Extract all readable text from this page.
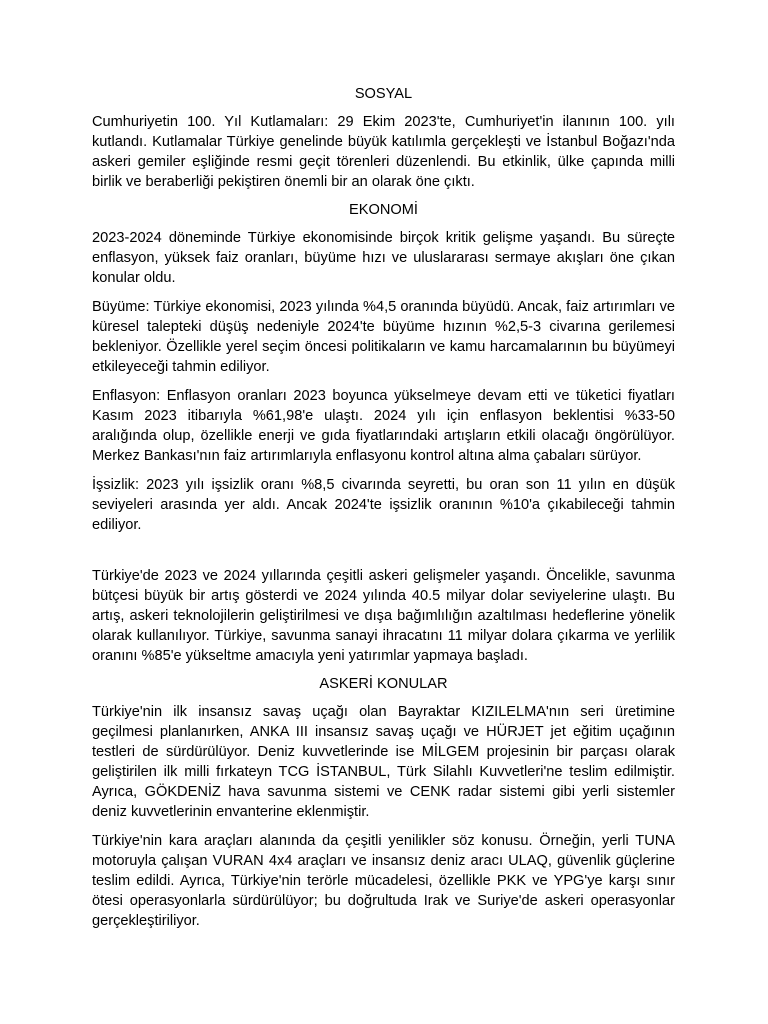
SOSYAL

Cumhuriyetin 100. Yıl Kutlamaları: 29 Ekim 2023'te, Cumhuriyet'in ilanının 100. yılı kutlandı. Kutlamalar Türkiye genelinde büyük katılımla gerçekleşti ve İstanbul Boğazı'nda askeri gemiler eşliğinde resmi geçit törenleri düzenlendi. Bu etkinlik, ülke çapında milli birlik ve beraberliği pekiştiren önemli bir an olarak öne çıktı.

EKONOMİ

2023-2024 döneminde Türkiye ekonomisinde birçok kritik gelişme yaşandı. Bu süreçte enflasyon, yüksek faiz oranları, büyüme hızı ve uluslararası sermaye akışları öne çıkan konular oldu.

Büyüme: Türkiye ekonomisi, 2023 yılında %4,5 oranında büyüdü. Ancak, faiz artırımları ve küresel talepteki düşüş nedeniyle 2024'te büyüme hızının %2,5-3 civarına gerilemesi bekleniyor. Özellikle yerel seçim öncesi politikaların ve kamu harcamalarının bu büyümeyi etkileyeceği tahmin ediliyor.

Enflasyon: Enflasyon oranları 2023 boyunca yükselmeye devam etti ve tüketici fiyatları Kasım 2023 itibarıyla %61,98'e ulaştı. 2024 yılı için enflasyon beklentisi %33-50 aralığında olup, özellikle enerji ve gıda fiyatlarındaki artışların etkili olacağı öngörülüyor. Merkez Bankası'nın faiz artırımlarıyla enflasyonu kontrol altına alma çabaları sürüyor.

İşsizlik: 2023 yılı işsizlik oranı %8,5 civarında seyretti, bu oran son 11 yılın en düşük seviyeleri arasında yer aldı. Ancak 2024'te işsizlik oranının %10'a çıkabileceği tahmin ediliyor.

Türkiye'de 2023 ve 2024 yıllarında çeşitli askeri gelişmeler yaşandı. Öncelikle, savunma bütçesi büyük bir artış gösterdi ve 2024 yılında 40.5 milyar dolar seviyelerine ulaştı. Bu artış, askeri teknolojilerin geliştirilmesi ve dışa bağımlılığın azaltılması hedeflerine yönelik olarak kullanılıyor. Türkiye, savunma sanayi ihracatını 11 milyar dolara çıkarma ve yerlilik oranını %85'e yükseltme amacıyla yeni yatırımlar yapmaya başladı.

ASKERİ KONULAR

Türkiye'nin ilk insansız savaş uçağı olan Bayraktar KIZILELMA'nın seri üretimine geçilmesi planlanırken, ANKA III insansız savaş uçağı ve HÜRJET jet eğitim uçağının testleri de sürdürülüyor. Deniz kuvvetlerinde ise MİLGEM projesinin bir parçası olarak geliştirilen ilk milli fırkateyn TCG İSTANBUL, Türk Silahlı Kuvvetleri'ne teslim edilmiştir. Ayrıca, GÖKDENİZ hava savunma sistemi ve CENK radar sistemi gibi yerli sistemler deniz kuvvetlerinin envanterine eklenmiştir.

Türkiye'nin kara araçları alanında da çeşitli yenilikler söz konusu. Örneğin, yerli TUNA motoruyla çalışan VURAN 4x4 araçları ve insansız deniz aracı ULAQ, güvenlik güçlerine teslim edildi. Ayrıca, Türkiye'nin terörle mücadelesi, özellikle PKK ve YPG'ye karşı sınır ötesi operasyonlarla sürdürülüyor; bu doğrultuda Irak ve Suriye'de askeri operasyonlar gerçekleştiriliyor.
